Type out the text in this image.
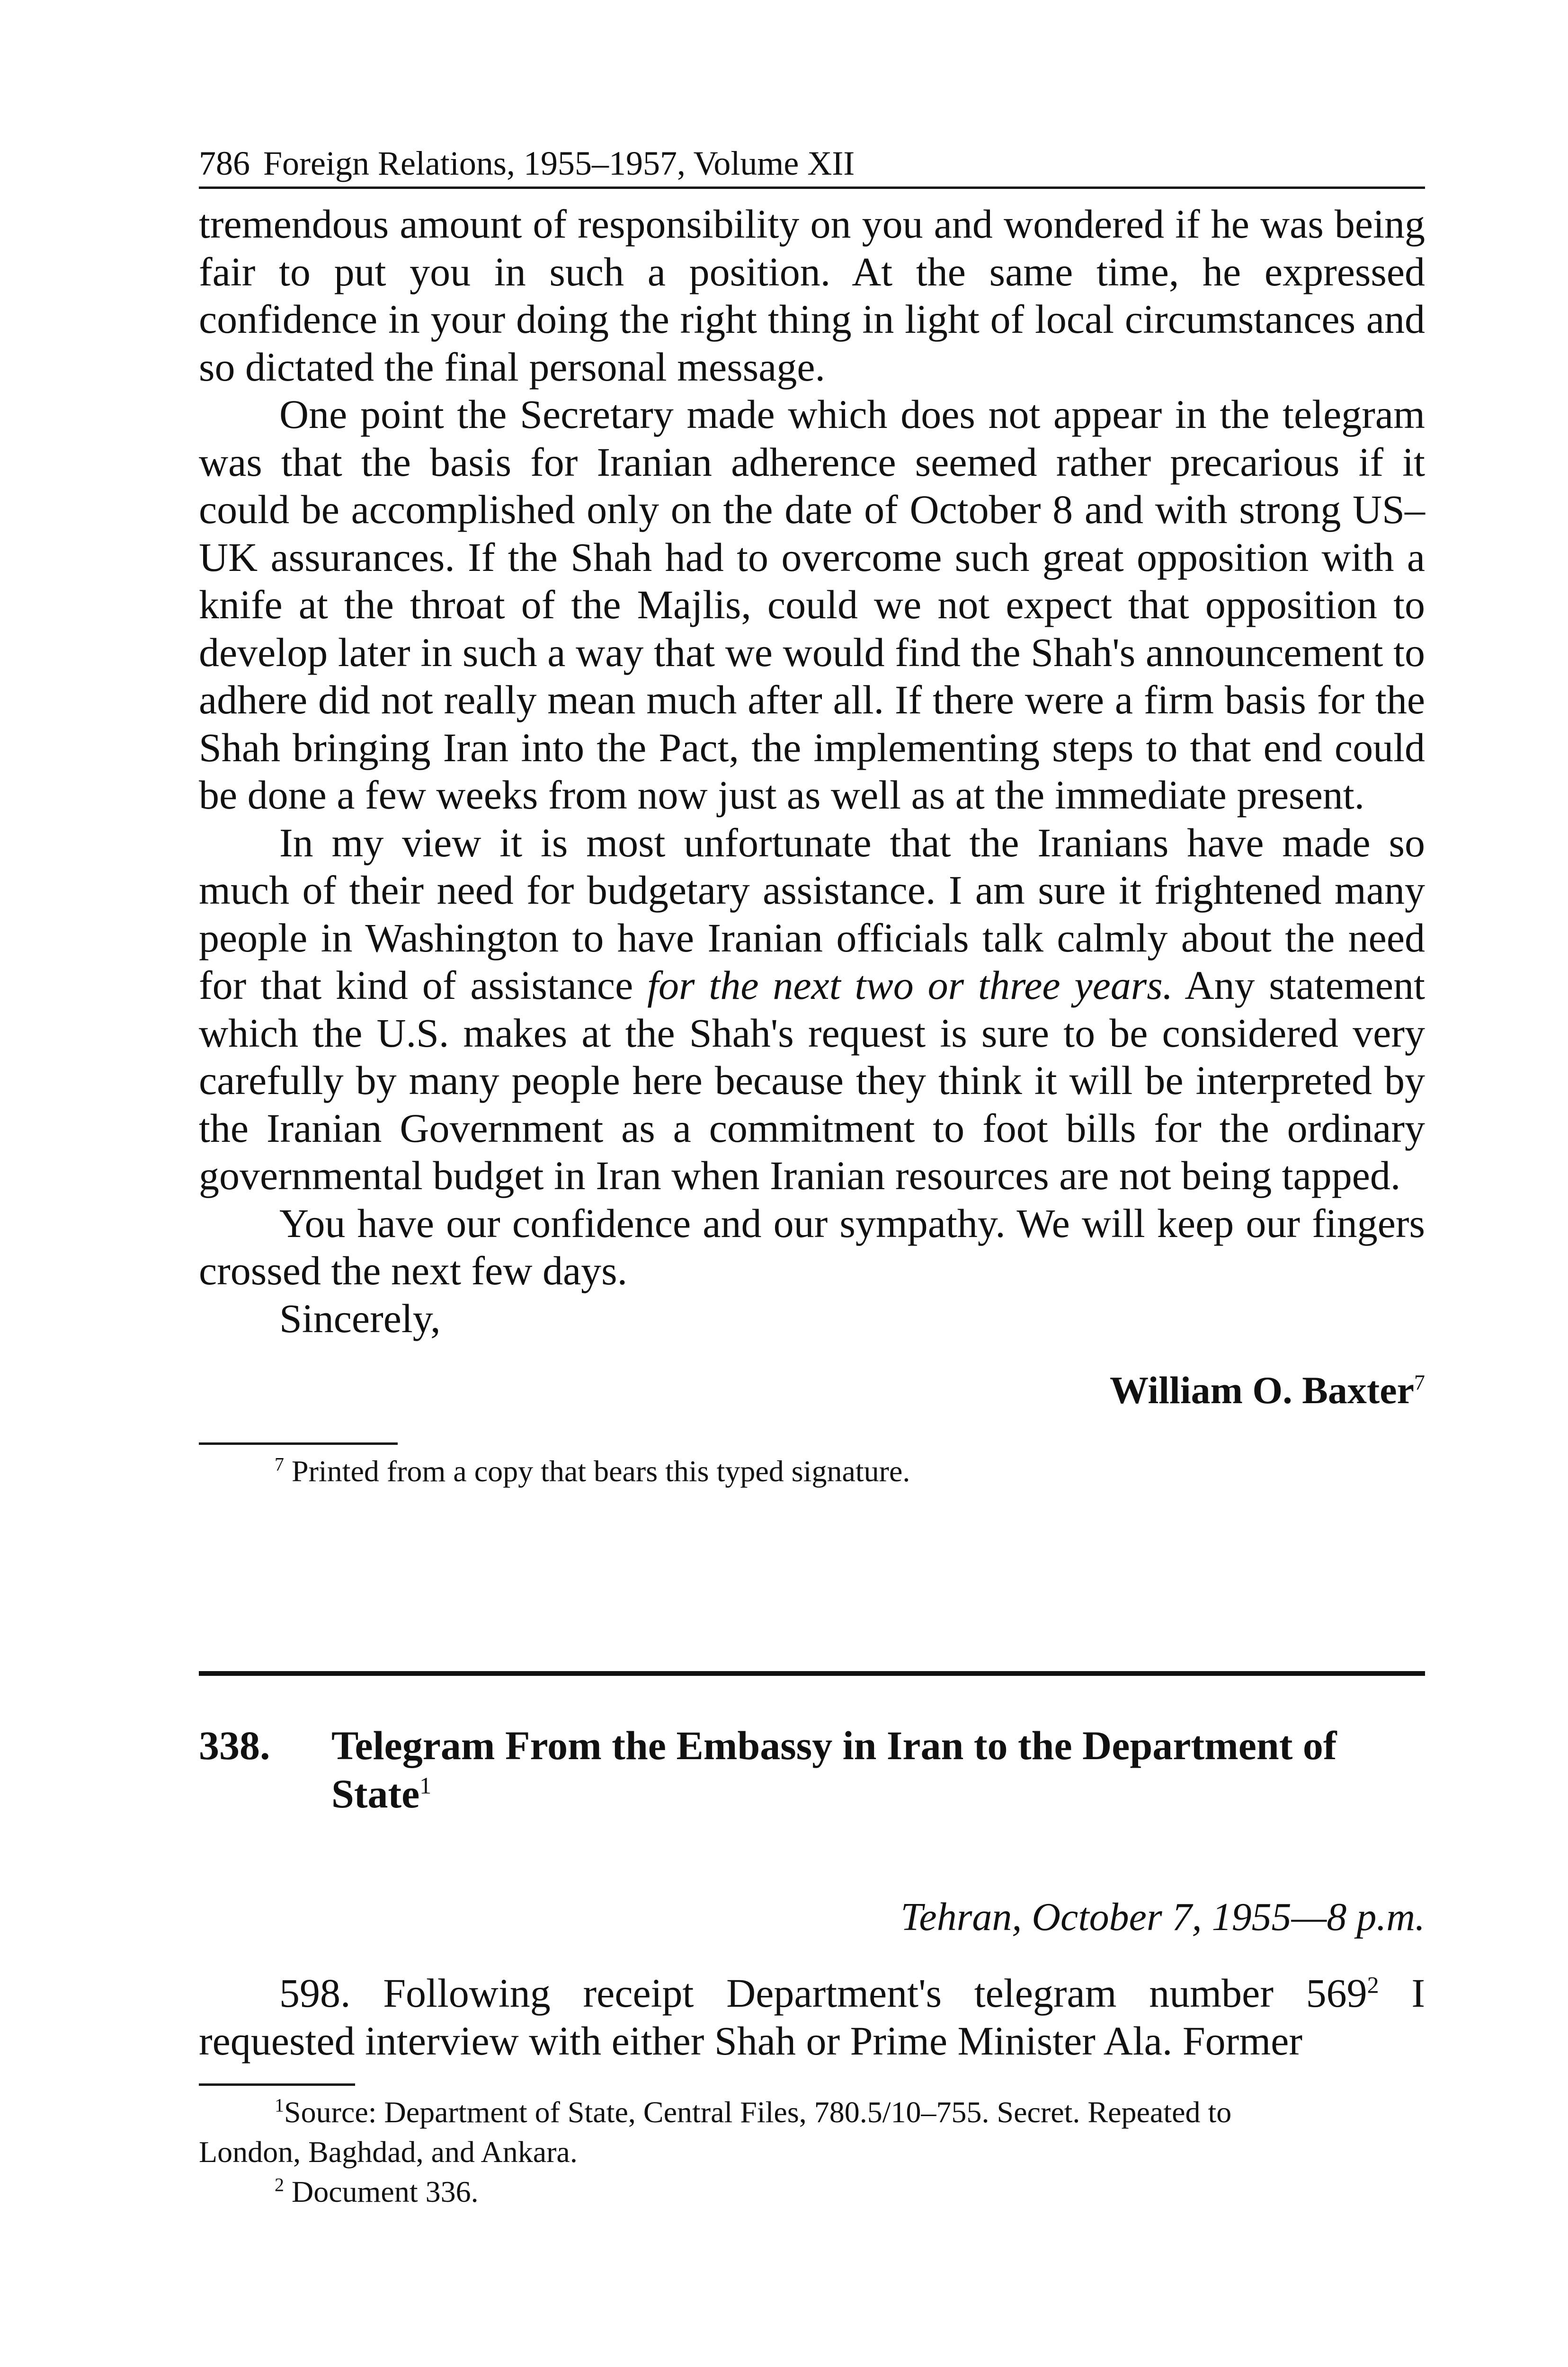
786 Foreign Relations, 1955–1957, Volume XII

tremendous amount of responsibility on you and wondered if he was being fair to put you in such a position. At the same time, he expressed confidence in your doing the right thing in light of local circumstances and so dictated the final personal message.

One point the Secretary made which does not appear in the telegram was that the basis for Iranian adherence seemed rather precarious if it could be accomplished only on the date of October 8 and with strong US–UK assurances. If the Shah had to overcome such great opposition with a knife at the throat of the Majlis, could we not expect that opposition to develop later in such a way that we would find the Shah's announcement to adhere did not really mean much after all. If there were a firm basis for the Shah bringing Iran into the Pact, the implementing steps to that end could be done a few weeks from now just as well as at the immediate present.

In my view it is most unfortunate that the Iranians have made so much of their need for budgetary assistance. I am sure it frightened many people in Washington to have Iranian officials talk calmly about the need for that kind of assistance for the next two or three years. Any statement which the U.S. makes at the Shah's request is sure to be considered very carefully by many people here because they think it will be interpreted by the Iranian Government as a commitment to foot bills for the ordinary governmental budget in Iran when Iranian resources are not being tapped.

You have our confidence and our sympathy. We will keep our fingers crossed the next few days.

Sincerely,

William O. Baxter$^7$

$^7$ Printed from a copy that bears this typed signature.

338.	Telegram From the Embassy in Iran to the Department of State$^1$
Tehran, October 7, 1955—8 p.m.

598. Following receipt Department's telegram number $569^2$ I requested interview with either Shah or Prime Minister Ala. Former

$^1$Source: Department of State, Central Files, 780.5/10–755. Secret. Repeated to
London, Baghdad, and Ankara.

$^2$ Document 336.
